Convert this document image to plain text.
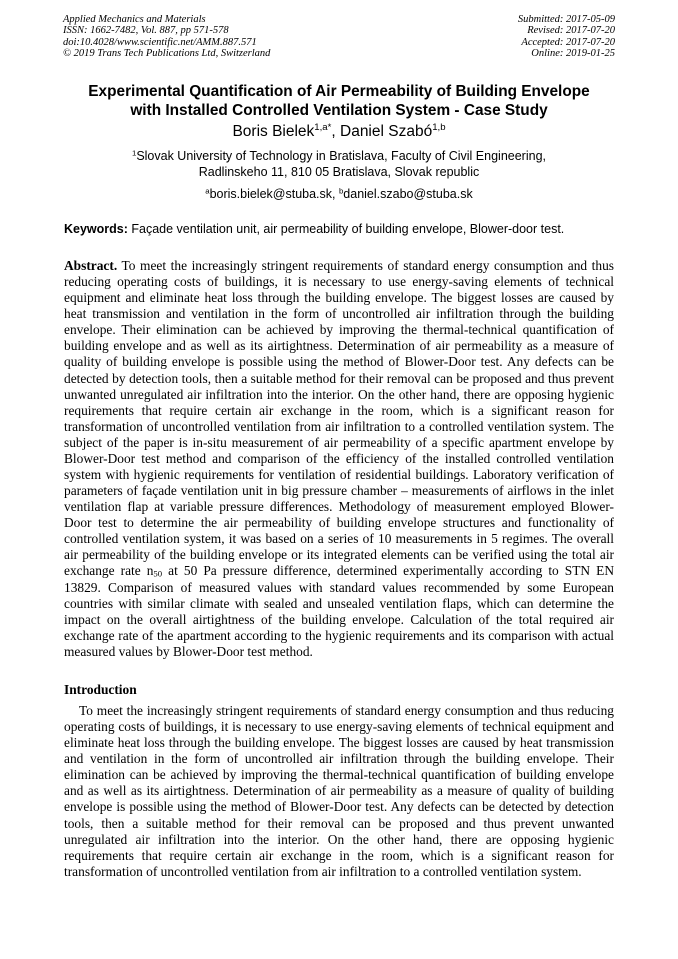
Applied Mechanics and Materials
ISSN: 1662-7482, Vol. 887, pp 571-578
doi:10.4028/www.scientific.net/AMM.887.571
© 2019 Trans Tech Publications Ltd, Switzerland
Submitted: 2017-05-09
Revised: 2017-07-20
Accepted: 2017-07-20
Online: 2019-01-25
Experimental Quantification of Air Permeability of Building Envelope
with Installed Controlled Ventilation System - Case Study
Boris Bielek$^{1,a*}$, Daniel Szabó$^{1,b}$
$^1$Slovak University of Technology in Bratislava, Faculty of Civil Engineering,
Radlinskeho 11, 810 05 Bratislava, Slovak republic
$^a$boris.bielek@stuba.sk, $^b$daniel.szabo@stuba.sk
Keywords: Façade ventilation unit, air permeability of building envelope, Blower-door test.
Abstract. To meet the increasingly stringent requirements of standard energy consumption and thus reducing operating costs of buildings, it is necessary to use energy-saving elements of technical equipment and eliminate heat loss through the building envelope. The biggest losses are caused by heat transmission and ventilation in the form of uncontrolled air infiltration through the building envelope. Their elimination can be achieved by improving the thermal-technical quantification of building envelope and as well as its airtightness. Determination of air permeability as a measure of quality of building envelope is possible using the method of Blower-Door test. Any defects can be detected by detection tools, then a suitable method for their removal can be proposed and thus prevent unwanted unregulated air infiltration into the interior. On the other hand, there are opposing hygienic requirements that require certain air exchange in the room, which is a significant reason for transformation of uncontrolled ventilation from air infiltration to a controlled ventilation system. The subject of the paper is in-situ measurement of air permeability of a specific apartment envelope by Blower-Door test method and comparison of the efficiency of the installed controlled ventilation system with hygienic requirements for ventilation of residential buildings. Laboratory verification of parameters of façade ventilation unit in big pressure chamber – measurements of airflows in the inlet ventilation flap at variable pressure differences. Methodology of measurement employed Blower-Door test to determine the air permeability of building envelope structures and functionality of controlled ventilation system, it was based on a series of 10 measurements in 5 regimes. The overall air permeability of the building envelope or its integrated elements can be verified using the total air exchange rate $n_{50}$ at 50 Pa pressure difference, determined experimentally according to STN EN 13829. Comparison of measured values with standard values recommended by some European countries with similar climate with sealed and unsealed ventilation flaps, which can determine the impact on the overall airtightness of the building envelope. Calculation of the total required air exchange rate of the apartment according to the hygienic requirements and its comparison with actual measured values by Blower-Door test method.
Introduction
To meet the increasingly stringent requirements of standard energy consumption and thus reducing operating costs of buildings, it is necessary to use energy-saving elements of technical equipment and eliminate heat loss through the building envelope. The biggest losses are caused by heat transmission and ventilation in the form of uncontrolled air infiltration through the building envelope. Their elimination can be achieved by improving the thermal-technical quantification of building envelope and as well as its airtightness. Determination of air permeability as a measure of quality of building envelope is possible using the method of Blower-Door test. Any defects can be detected by detection tools, then a suitable method for their removal can be proposed and thus prevent unwanted unregulated air infiltration into the interior. On the other hand, there are opposing hygienic requirements that require certain air exchange in the room, which is a significant reason for transformation of uncontrolled ventilation from air infiltration to a controlled ventilation system.
